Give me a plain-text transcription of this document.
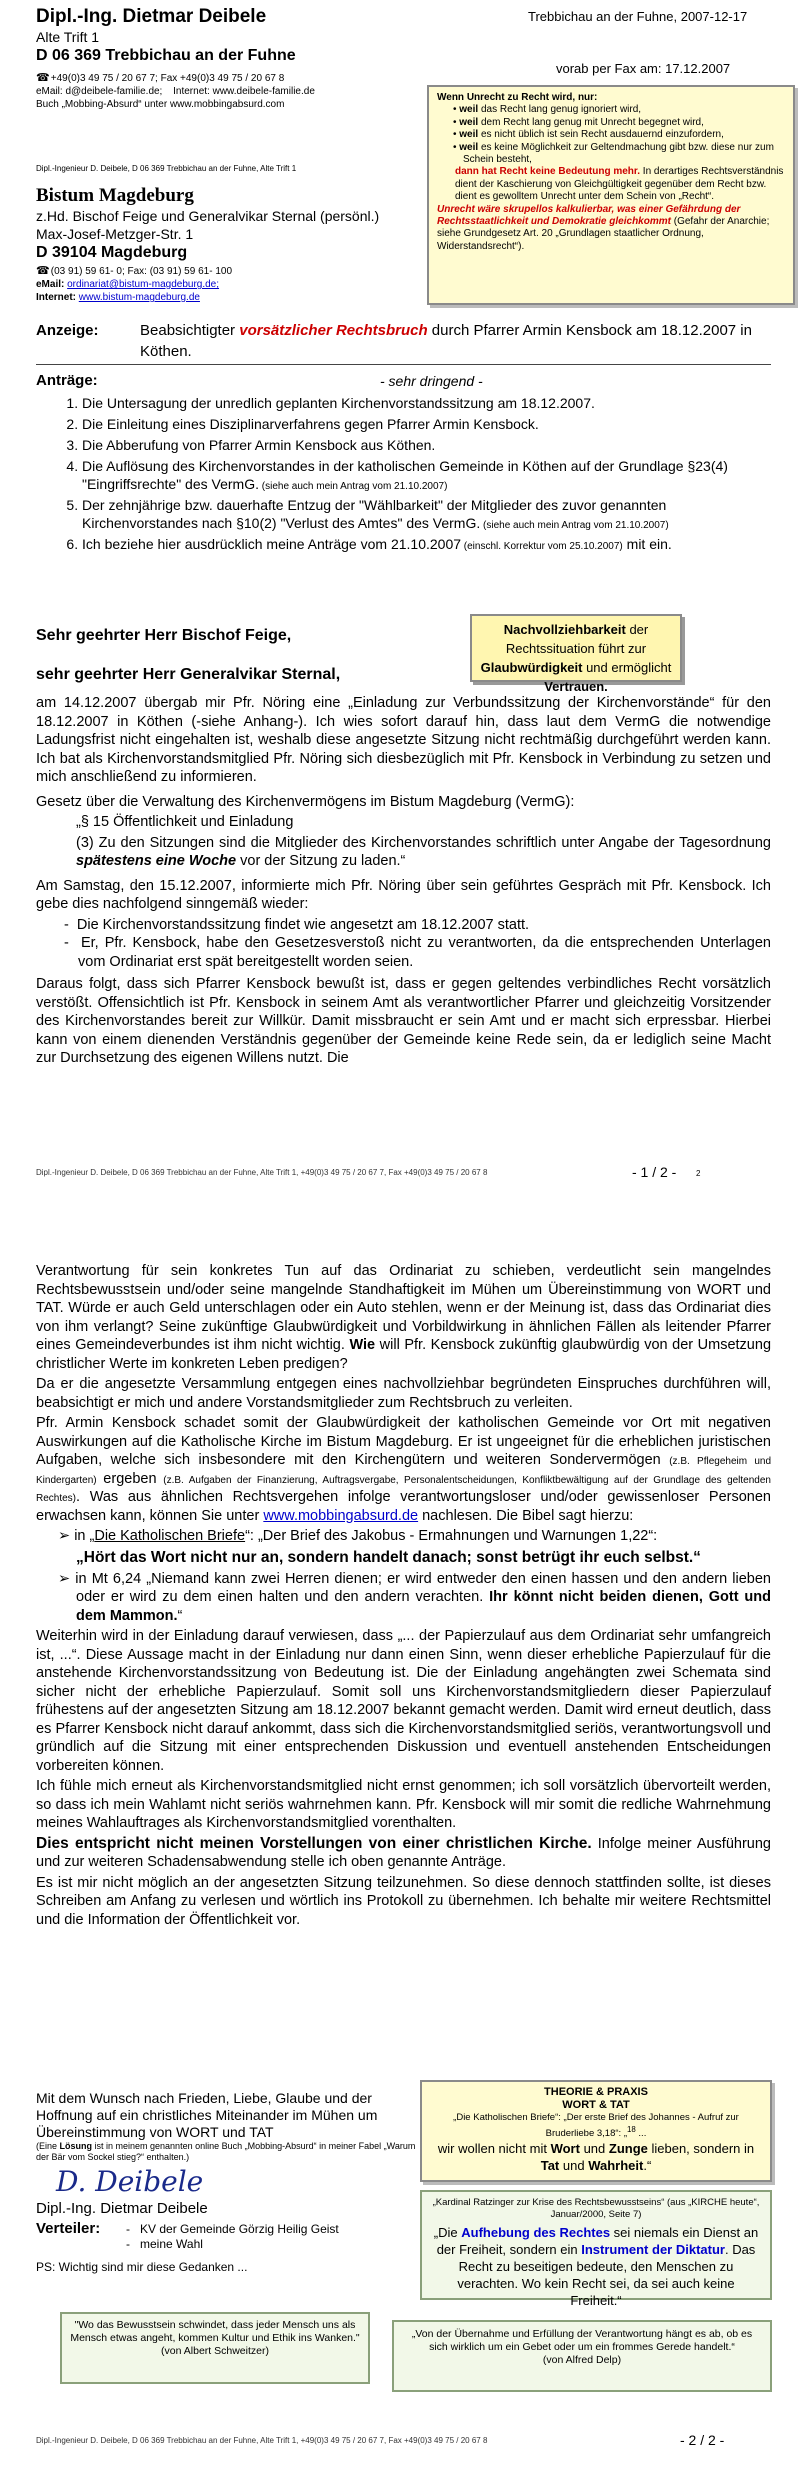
Dipl.-Ing. Dietmar Deibele
Alte Trift 1
D 06 369 Trebbichau an der Fuhne
☎ +49(0)3 49 75 / 20 67 7; Fax +49(0)3 49 75 / 20 67 8
eMail: d@deibele-familie.de; Internet: www.deibele-familie.de
Buch „Mobbing-Absurd“ unter www.mobbingabsurd.com
Trebbichau an der Fuhne, 2007-12-17
vorab per Fax am: 17.12.2007
Wenn Unrecht zu Recht wird, nur:
• weil das Recht lang genug ignoriert wird,
• weil dem Recht lang genug mit Unrecht begegnet wird,
• weil es nicht üblich ist sein Recht ausdauernd einzufordern,
• weil es keine Möglichkeit zur Geltendmachung gibt bzw. diese nur zum Schein besteht,
dann hat Recht keine Bedeutung mehr. In derartiges Rechtsverständnis dient der Kaschierung von Gleichgültigkeit gegenüber dem Recht bzw. dient es gewolltem Unrecht unter dem Schein von „Recht“.
Unrecht wäre skrupellos kalkulierbar, was einer Gefährdung der Rechtsstaatlichkeit und Demokratie gleichkommt (Gefahr der Anarchie; siehe Grundgesetz Art. 20 „Grundlagen staatlicher Ordnung, Widerstandsrecht“).
Dipl.-Ingenieur D. Deibele, D 06 369 Trebbichau an der Fuhne, Alte Trift 1
Bistum Magdeburg
z.Hd. Bischof Feige und Generalvikar Sternal (persönl.)
Max-Josef-Metzger-Str. 1
D 39104 Magdeburg
☎ (03 91) 59 61- 0; Fax: (03 91) 59 61- 100
eMail: ordinariat@bistum-magdeburg.de;
Internet: www.bistum-magdeburg.de
Anzeige:	Beabsichtigter vorsätzlicher Rechtsbruch durch Pfarrer Armin Kensbock am 18.12.2007 in Köthen.
Anträge:	- sehr dringend -
1. Die Untersagung der unredlich geplanten Kirchenvorstandssitzung am 18.12.2007.
2. Die Einleitung eines Disziplinarverfahrens gegen Pfarrer Armin Kensbock.
3. Die Abberufung von Pfarrer Armin Kensbock aus Köthen.
4. Die Auflösung des Kirchenvorstandes in der katholischen Gemeinde in Köthen auf der Grundlage §23(4) "Eingriffsrechte" des VermG. (siehe auch mein Antrag vom 21.10.2007)
5. Der zehnjährige bzw. dauerhafte Entzug der "Wählbarkeit" der Mitglieder des zuvor genannten Kirchenvorstandes nach §10(2) "Verlust des Amtes" des VermG. (siehe auch mein Antrag vom 21.10.2007)
6. Ich beziehe hier ausdrücklich meine Anträge vom 21.10.2007 (einschl. Korrektur vom 25.10.2007) mit ein.
Sehr geehrter Herr Bischof Feige,
sehr geehrter Herr Generalvikar Sternal,
Nachvollziehbarkeit der Rechtssituation führt zur Glaubwürdigkeit und ermöglicht Vertrauen.

am 14.12.2007 übergab mir Pfr. Nöring eine „Einladung zur Verbundssitzung der Kirchenvorstände“ für den 18.12.2007 in Köthen (-siehe Anhang-). Ich wies sofort darauf hin, dass laut dem VermG die notwendige Ladungsfrist nicht eingehalten ist, weshalb diese angesetzte Sitzung nicht rechtmäßig durchgeführt werden kann. Ich bat als Kirchenvorstandsmitglied Pfr. Nöring sich diesbezüglich mit Pfr. Kensbock in Verbindung zu setzen und mich anschließend zu informieren.

Gesetz über die Verwaltung des Kirchenvermögens im Bistum Magdeburg (VermG):

„§ 15 Öffentlichkeit und Einladung

(3) Zu den Sitzungen sind die Mitglieder des Kirchenvorstandes schriftlich unter Angabe der Tagesordnung spätestens eine Woche vor der Sitzung zu laden.“

Am Samstag, den 15.12.2007, informierte mich Pfr. Nöring über sein geführtes Gespräch mit Pfr. Kensbock. Ich gebe dies nachfolgend sinngemäß wieder:

-  Die Kirchenvorstandssitzung findet wie angesetzt am 18.12.2007 statt.
-  Er, Pfr. Kensbock, habe den Gesetzesverstoß nicht zu verantworten, da die entsprechenden Unterlagen vom Ordinariat erst spät bereitgestellt worden seien.

Daraus folgt, dass sich Pfarrer Kensbock bewußt ist, dass er gegen geltendes verbindliches Recht vorsätzlich verstößt. Offensichtlich ist Pfr. Kensbock in seinem Amt als verantwortlicher Pfarrer und gleichzeitig Vorsitzender des Kirchenvorstandes bereit zur Willkür. Damit missbraucht er sein Amt und er macht sich erpressbar. Hierbei kann von einem dienenden Verständnis gegenüber der Gemeinde keine Rede sein, da er lediglich seine Macht zur Durchsetzung des eigenen Willens nutzt. Die

Dipl.-Ingenieur D. Deibele, D 06 369 Trebbichau an der Fuhne, Alte Trift 1, +49(0)3 49 75 / 20 67 7, Fax +49(0)3 49 75 / 20 67 8	- 1 / 2 - 2

Verantwortung für sein konkretes Tun auf das Ordinariat zu schieben, verdeutlicht sein mangelndes Rechtsbewusstsein und/oder seine mangelnde Standhaftigkeit im Mühen um Übereinstimmung von WORT und TAT. Würde er auch Geld unterschlagen oder ein Auto stehlen, wenn er der Meinung ist, dass das Ordinariat dies von ihm verlangt? Seine zukünftige Glaubwürdigkeit und Vorbildwirkung in ähnlichen Fällen als leitender Pfarrer eines Gemeindeverbundes ist ihm nicht wichtig. Wie will Pfr. Kensbock zukünftig glaubwürdig von der Umsetzung christlicher Werte im konkreten Leben predigen?

Da er die angesetzte Versammlung entgegen eines nachvollziehbar begründeten Einspruches durchführen will, beabsichtigt er mich und andere Vorstandsmitglieder zum Rechtsbruch zu verleiten.

Pfr. Armin Kensbock schadet somit der Glaubwürdigkeit der katholischen Gemeinde vor Ort mit negativen Auswirkungen auf die Katholische Kirche im Bistum Magdeburg. Er ist ungeeignet für die erheblichen juristischen Aufgaben, welche sich insbesondere mit den Kirchengütern und weiteren Sondervermögen (z.B. Pflegeheim und Kindergarten) ergeben (z.B. Aufgaben der Finanzierung, Auftragsvergabe, Personalentscheidungen, Konfliktbewältigung auf der Grundlage des geltenden Rechtes). Was aus ähnlichen Rechtsvergehen infolge verantwortungsloser und/oder gewissenloser Personen erwachsen kann, können Sie unter www.mobbingabsurd.de nachlesen. Die Bibel sagt hierzu:

➢ in „Die Katholischen Briefe“: „Der Brief des Jakobus - Ermahnungen und Warnungen 1,22“:
„Hört das Wort nicht nur an, sondern handelt danach; sonst betrügt ihr euch selbst.“
➢ in Mt 6,24 „Niemand kann zwei Herren dienen; er wird entweder den einen hassen und den andern lieben oder er wird zu dem einen halten und den andern verachten. Ihr könnt nicht beiden dienen, Gott und dem Mammon.“

Weiterhin wird in der Einladung darauf verwiesen, dass „... der Papierzulauf aus dem Ordinariat sehr umfangreich ist, ...“. Diese Aussage macht in der Einladung nur dann einen Sinn, wenn dieser erhebliche Papierzulauf für die anstehende Kirchenvorstandssitzung von Bedeutung ist. Die der Einladung angehängten zwei Schemata sind sicher nicht der erhebliche Papierzulauf. Somit soll uns Kirchenvorstandsmitgliedern dieser Papierzulauf frühestens auf der angesetzten Sitzung am 18.12.2007 bekannt gemacht werden. Damit wird erneut deutlich, dass es Pfarrer Kensbock nicht darauf ankommt, dass sich die Kirchenvorstandsmitglied seriös, verantwortungsvoll und gründlich auf die Sitzung mit einer entsprechenden Diskussion und eventuell anstehenden Entscheidungen vorbereiten können.

Ich fühle mich erneut als Kirchenvorstandsmitglied nicht ernst genommen; ich soll vorsätzlich übervorteilt werden, so dass ich mein Wahlamt nicht seriös wahrnehmen kann. Pfr. Kensbock will mir somit die redliche Wahrnehmung meines Wahlauftrages als Kirchenvorstandsmitglied vorenthalten.

Dies entspricht nicht meinen Vorstellungen von einer christlichen Kirche. Infolge meiner Ausführung und zur weiteren Schadensabwendung stelle ich oben genannte Anträge.

Es ist mir nicht möglich an der angesetzten Sitzung teilzunehmen. So diese dennoch stattfinden sollte, ist dieses Schreiben am Anfang zu verlesen und wörtlich ins Protokoll zu übernehmen. Ich behalte mir weitere Rechtsmittel und die Information der Öffentlichkeit vor.

Mit dem Wunsch nach Frieden, Liebe, Glaube und der Hoffnung auf ein christliches Miteinander im Mühen um Übereinstimmung von WORT und TAT
(Eine Lösung ist in meinem genannten online Buch „Mobbing-Absurd“ in meiner Fabel „Warum der Bär vom Sockel stieg?“ enthalten.)
D. Deibele
Dipl.-Ing. Dietmar Deibele
Verteiler: -   KV der Gemeinde Görzig Heilig Geist
-   meine Wahl
PS: Wichtig sind mir diese Gedanken ...
THEORIE & PRAXIS
WORT & TAT
„Die Katholischen Briefe“: „Der erste Brief des Johannes - Aufruf zur Bruderliebe 3,18“: „$^{18}$ ...
wir wollen nicht mit Wort und Zunge lieben, sondern in Tat und Wahrheit.“
„Kardinal Ratzinger zur Krise des Rechtsbewusstseins“ (aus „KIRCHE heute“, Januar/2000, Seite 7)
„Die Aufhebung des Rechtes sei niemals ein Dienst an der Freiheit, sondern ein Instrument der Diktatur. Das Recht zu beseitigen bedeute, den Menschen zu verachten. Wo kein Recht sei, da sei auch keine Freiheit.“
"Wo das Bewusstsein schwindet, dass jeder Mensch uns als Mensch etwas angeht, kommen Kultur und Ethik ins Wanken."
(von Albert Schweitzer)
„Von der Übernahme und Erfüllung der Verantwortung hängt es ab, ob es sich wirklich um ein Gebet oder um ein frommes Gerede handelt.“
(von Alfred Delp)
Dipl.-Ingenieur D. Deibele, D 06 369 Trebbichau an der Fuhne, Alte Trift 1, +49(0)3 49 75 / 20 67 7, Fax +49(0)3 49 75 / 20 67 8	- 2 / 2 -
